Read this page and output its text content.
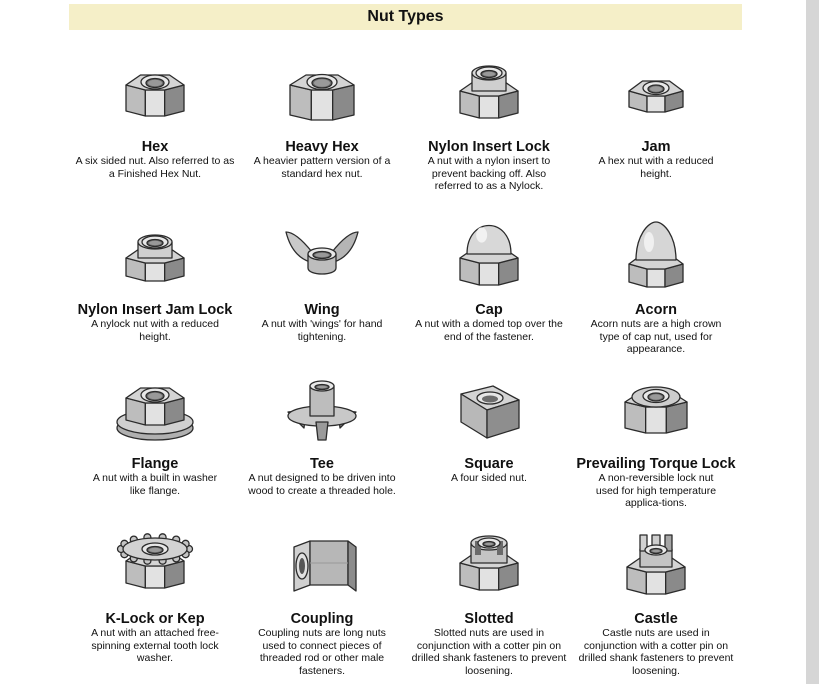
Nut Types
Hex
A six sided nut. Also referred to as a Finished Hex Nut.
Heavy Hex
A heavier pattern version of a standard hex nut.
Nylon Insert Lock
A nut with a nylon insert to prevent backing off. Also referred to as a Nylock.
Jam
A hex nut with a reduced height.
Nylon Insert Jam Lock
A nylock nut with a reduced height.
Wing
A nut with 'wings' for hand tightening.
Cap
A nut with a domed top over the end of the fastener.
Acorn
Acorn nuts are a high crown type of cap nut, used for appearance.
Flange
A nut with a built in washer like flange.
Tee
A nut designed to be driven into wood to create a threaded hole.
Square
A four sided nut.
Prevailing Torque Lock
A non-reversible lock nut used for high temperature applica-tions.
K-Lock or Kep
A nut with an attached free-spinning external tooth lock washer.
Coupling
Coupling nuts are long nuts used to connect pieces of threaded rod or other male fasteners.
Slotted
Slotted nuts are used in conjunction with a cotter pin on drilled shank fasteners to prevent loosening.
Castle
Castle nuts are used in conjunction with a cotter pin on drilled shank fasteners to prevent loosening.
